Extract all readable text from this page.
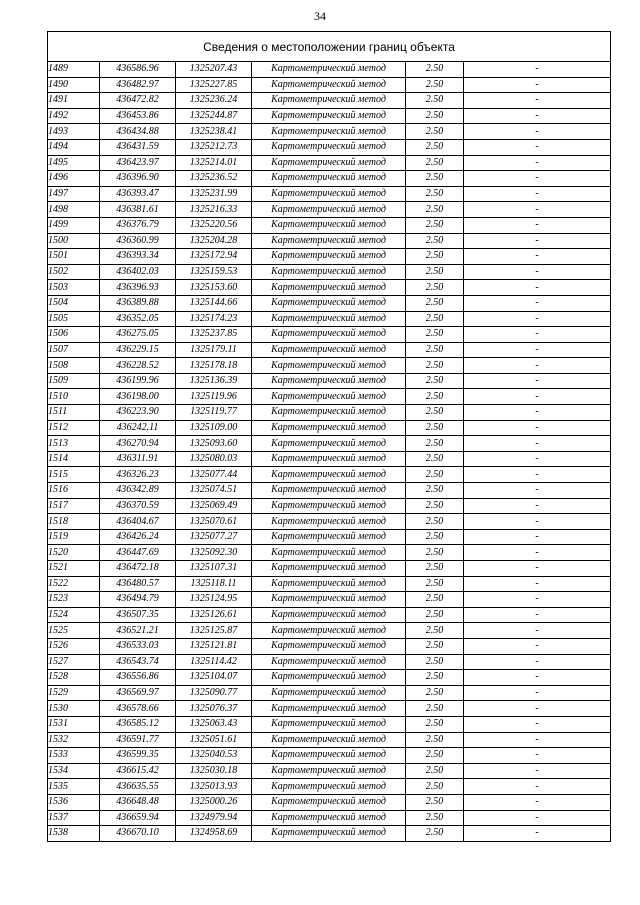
34
Сведения о местоположении границ объекта					
1489	436586.96	1325207.43	Картометрический метод	2.50	-
1490	436482.97	1325227.85	Картометрический метод	2.50	-
1491	436472.82	1325236.24	Картометрический метод	2.50	-
1492	436453.86	1325244.87	Картометрический метод	2.50	-
1493	436434.88	1325238.41	Картометрический метод	2.50	-
1494	436431.59	1325212.73	Картометрический метод	2.50	-
1495	436423.97	1325214.01	Картометрический метод	2.50	-
1496	436396.90	1325236.52	Картометрический метод	2.50	-
1497	436393.47	1325231.99	Картометрический метод	2.50	-
1498	436381.61	1325216.33	Картометрический метод	2.50	-
1499	436376.79	1325220.56	Картометрический метод	2.50	-
1500	436360.99	1325204.28	Картометрический метод	2.50	-
1501	436393.34	1325172.94	Картометрический метод	2.50	-
1502	436402.03	1325159.53	Картометрический метод	2.50	-
1503	436396.93	1325153.60	Картометрический метод	2.50	-
1504	436389.88	1325144.66	Картометрический метод	2.50	-
1505	436352.05	1325174.23	Картометрический метод	2.50	-
1506	436275.05	1325237.85	Картометрический метод	2.50	-
1507	436229.15	1325179.11	Картометрический метод	2.50	-
1508	436228.52	1325178.18	Картометрический метод	2.50	-
1509	436199.96	1325136.39	Картометрический метод	2.50	-
1510	436198.00	1325119.96	Картометрический метод	2.50	-
1511	436223.90	1325119.77	Картометрический метод	2.50	-
1512	436242.11	1325109.00	Картометрический метод	2.50	-
1513	436270.94	1325093.60	Картометрический метод	2.50	-
1514	436311.91	1325080.03	Картометрический метод	2.50	-
1515	436326.23	1325077.44	Картометрический метод	2.50	-
1516	436342.89	1325074.51	Картометрический метод	2.50	-
1517	436370.59	1325069.49	Картометрический метод	2.50	-
1518	436404.67	1325070.61	Картометрический метод	2.50	-
1519	436426.24	1325077.27	Картометрический метод	2.50	-
1520	436447.69	1325092.30	Картометрический метод	2.50	-
1521	436472.18	1325107.31	Картометрический метод	2.50	-
1522	436480.57	1325118.11	Картометрический метод	2.50	-
1523	436494.79	1325124.95	Картометрический метод	2.50	-
1524	436507.35	1325126.61	Картометрический метод	2.50	-
1525	436521.21	1325125.87	Картометрический метод	2.50	-
1526	436533.03	1325121.81	Картометрический метод	2.50	-
1527	436543.74	1325114.42	Картометрический метод	2.50	-
1528	436556.86	1325104.07	Картометрический метод	2.50	-
1529	436569.97	1325090.77	Картометрический метод	2.50	-
1530	436578.66	1325076.37	Картометрический метод	2.50	-
1531	436585.12	1325063.43	Картометрический метод	2.50	-
1532	436591.77	1325051.61	Картометрический метод	2.50	-
1533	436599.35	1325040.53	Картометрический метод	2.50	-
1534	436615.42	1325030.18	Картометрический метод	2.50	-
1535	436635.55	1325013.93	Картометрический метод	2.50	-
1536	436648.48	1325000.26	Картометрический метод	2.50	-
1537	436659.94	1324979.94	Картометрический метод	2.50	-
1538	436670.10	1324958.69	Картометрический метод	2.50	-
